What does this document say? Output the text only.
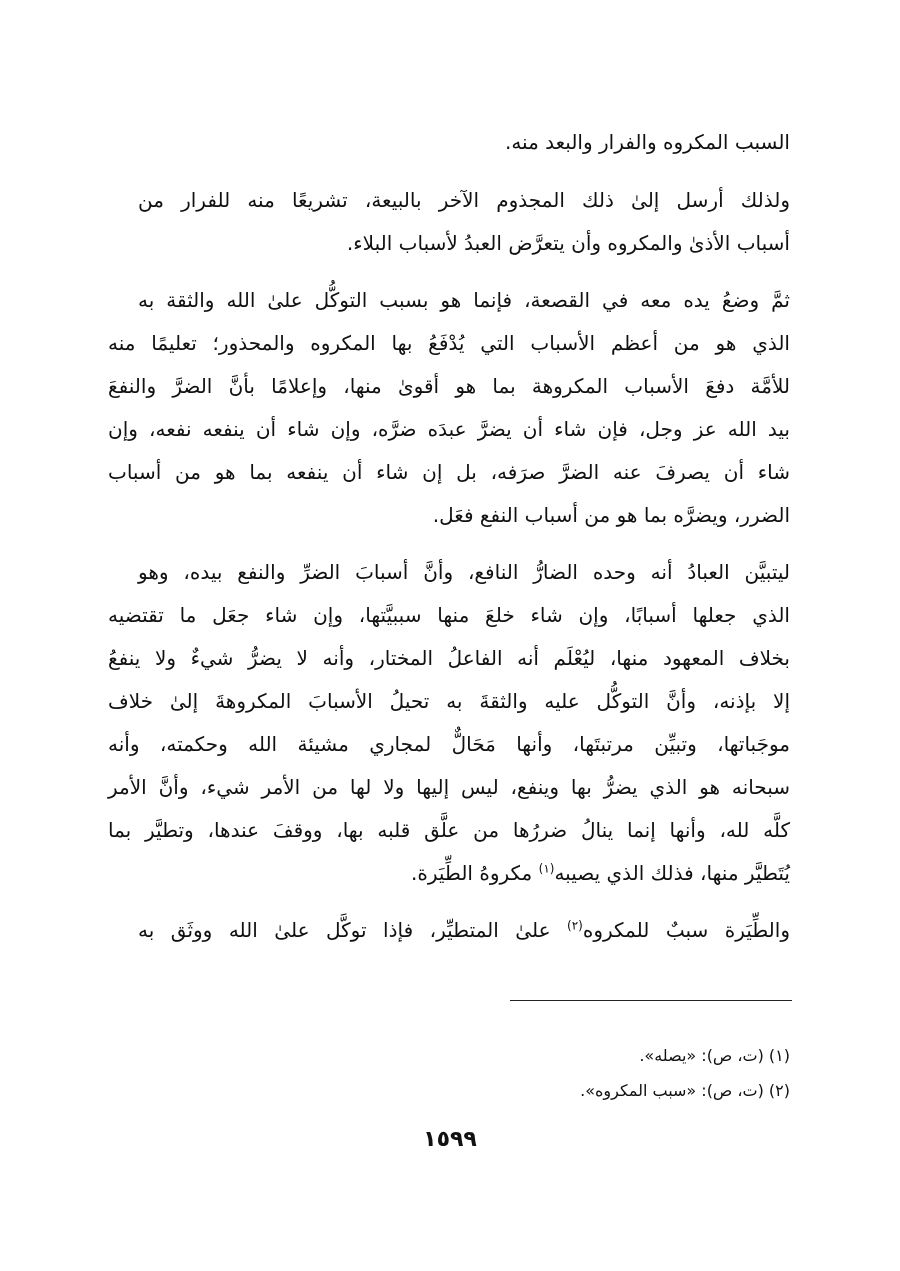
السبب المكروه والفرار والبعد منه.
ولذلك أرسل إلىٰ ذلك المجذوم الآخر بالبيعة، تشريعًا منه للفرار من
أسباب الأذىٰ والمكروه وأن يتعرَّض العبدُ لأسباب البلاء.
ثمَّ وضعُ يده معه في القصعة، فإنما هو بسبب التوكُّل علىٰ الله والثقة به
الذي هو من أعظم الأسباب التي يُدْفَعُ بها المكروه والمحذور؛ تعليمًا منه
للأمَّة دفعَ الأسباب المكروهة بما هو أقوىٰ منها، وإعلامًا بأنَّ الضرَّ والنفعَ
بيد الله عز وجل، فإن شاء أن يضرَّ عبدَه ضرَّه، وإن شاء أن ينفعه نفعه، وإن
شاء أن يصرفَ عنه الضرَّ صرَفه، بل إن شاء أن ينفعه بما هو من أسباب
الضرر، ويضرَّه بما هو من أسباب النفع فعَل.
ليتبيَّن العبادُ أنه وحده الضارُّ النافع، وأنَّ أسبابَ الضرِّ والنفع بيده، وهو
الذي جعلها أسبابًا، وإن شاء خلعَ منها سببيَّتها، وإن شاء جعَل ما تقتضيه
بخلاف المعهود منها، ليُعْلَم أنه الفاعلُ المختار، وأنه لا يضرُّ شيءٌ ولا ينفعُ
إلا بإذنه، وأنَّ التوكُّل عليه والثقةَ به تحيلُ الأسبابَ المكروهةَ إلىٰ خلاف
موجَباتها، وتبيِّن مرتبتَها، وأنها مَحَالٌّ لمجاري مشيئة الله وحكمته، وأنه
سبحانه هو الذي يضرُّ بها وينفع، ليس إليها ولا لها من الأمر شيء، وأنَّ الأمر
كلَّه لله، وأنها إنما ينالُ ضررُها من علَّق قلبه بها، ووقفَ عندها، وتطيَّر بما
يُتَطيَّر منها، فذلك الذي يصيبه$^{(١)}$ مكروهُ الطِّيَرة.
والطِّيَرة سببٌ للمكروه$^{(٢)}$ علىٰ المتطيِّر، فإذا توكَّل علىٰ الله ووثَق به
(١) (ت، ص): «يصله».
(٢) (ت، ص): «سبب المكروه».
١٥٩٩
